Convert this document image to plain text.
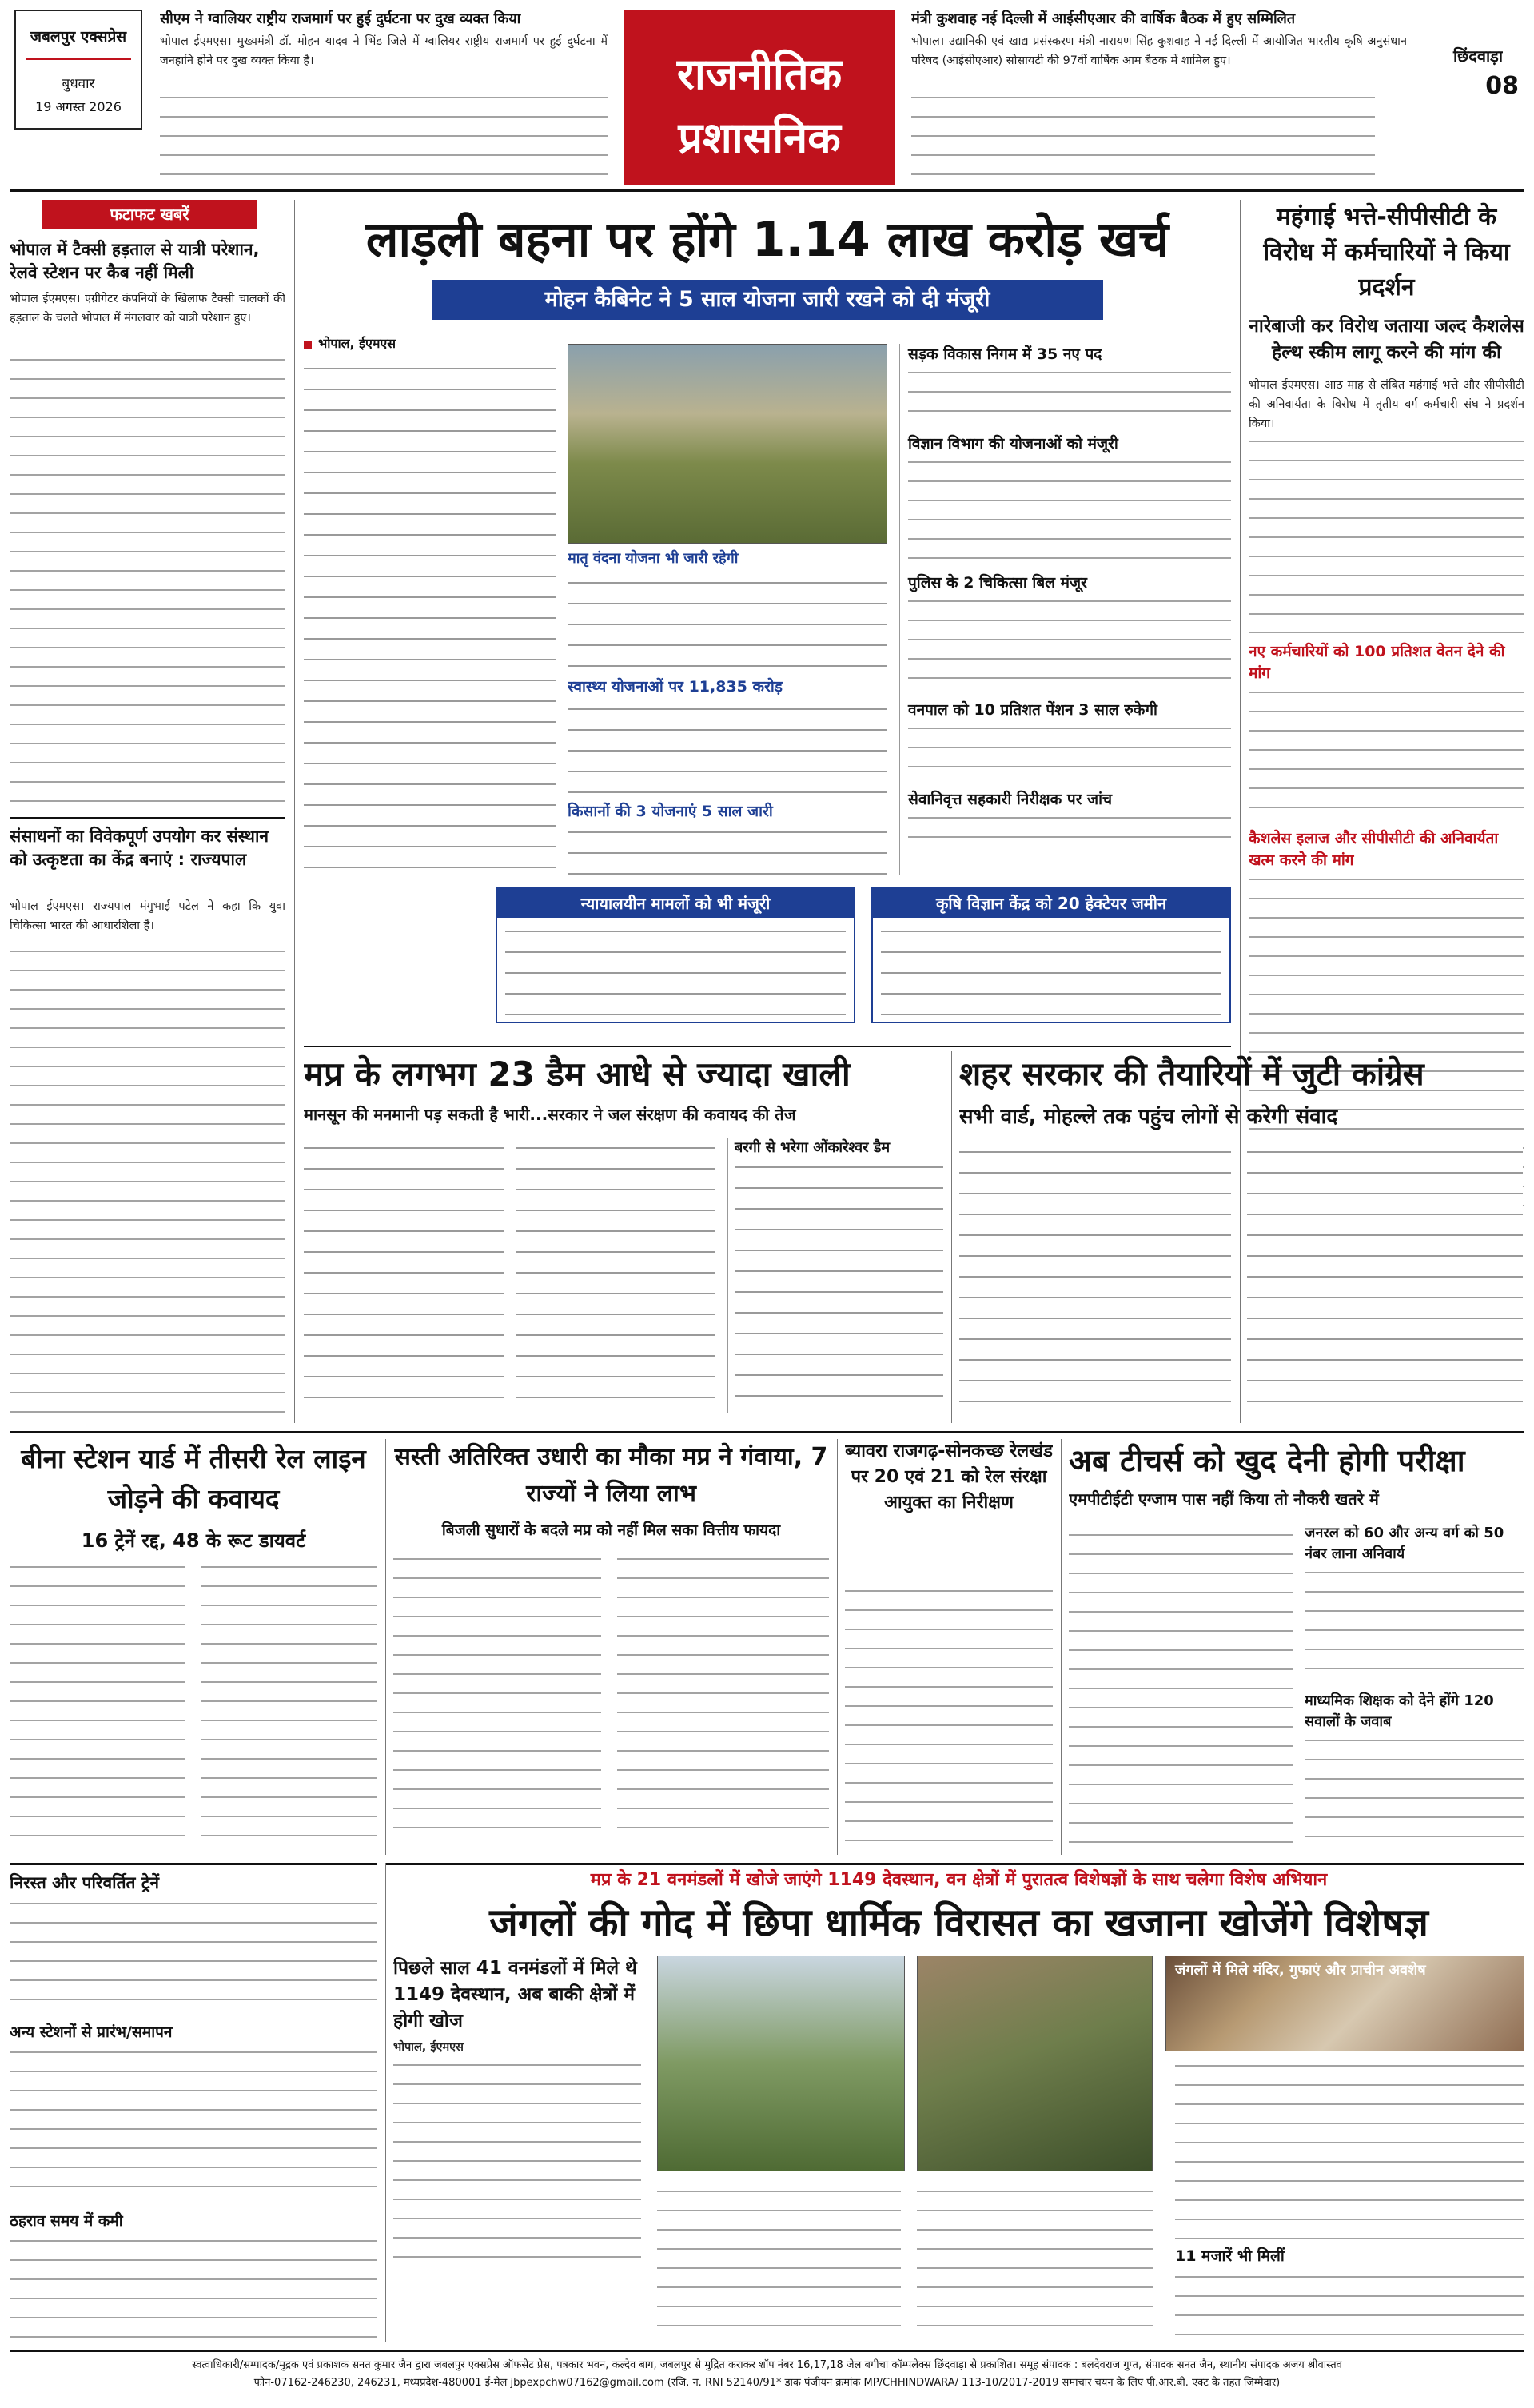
जबलपुर एक्सप्रेस
बुधवार
19 अगस्त 2026
सीएम ने ग्वालियर राष्ट्रीय राजमार्ग पर हुई दुर्घटना पर दुख व्यक्त किया
भोपाल ईएमएस। मुख्यमंत्री डॉ. मोहन यादव ने भिंड जिले में ग्वालियर राष्ट्रीय राजमार्ग पर हुई दुर्घटना में जनहानि होने पर दुख व्यक्त किया है।	राजनीतिक
प्रशासनिक
मंत्री कुशवाह नई दिल्ली में आईसीएआर की वार्षिक बैठक में हुए सम्मिलित
भोपाल। उद्यानिकी एवं खाद्य प्रसंस्करण मंत्री नारायण सिंह कुशवाह ने नई दिल्ली में आयोजित भारतीय कृषि अनुसंधान परिषद (आईसीएआर) सोसायटी की 97वीं वार्षिक आम बैठक में शामिल हुए।	छिंदवाड़ा
08
फटाफट खबरें
भोपाल में टैक्सी हड़ताल से यात्री परेशान, रेलवे स्टेशन पर कैब नहीं मिली
भोपाल ईएमएस। एग्रीगेटर कंपनियों के खिलाफ टैक्सी चालकों की हड़ताल के चलते भोपाल में मंगलवार को यात्री परेशान हुए।
संसाधनों का विवेकपूर्ण उपयोग कर संस्थान को उत्कृष्टता का केंद्र बनाएं : राज्यपाल
भोपाल ईएमएस। राज्यपाल मंगुभाई पटेल ने कहा कि युवा चिकित्सा भारत की आधारशिला हैं।
लाड़ली बहना पर होंगे 1.14 लाख करोड़ खर्च
मोहन कैबिनेट ने 5 साल योजना जारी रखने को दी मंजूरी
भोपाल, ईएमएस
मातृ वंदना योजना भी जारी रहेगी
स्वास्थ्य योजनाओं पर 11,835 करोड़
किसानों की 3 योजनाएं 5 साल जारी
सड़क विकास निगम में 35 नए पद
विज्ञान विभाग की योजनाओं को मंजूरी
पुलिस के 2 चिकित्सा बिल मंजूर
वनपाल को 10 प्रतिशत पेंशन 3 साल रुकेगी
सेवानिवृत्त सहकारी निरीक्षक पर जांच
न्यायालयीन मामलों को भी मंजूरी	कृषि विज्ञान केंद्र को 20 हेक्टेयर जमीन
महंगाई भत्ते-सीपीसीटी के विरोध में कर्मचारियों ने किया प्रदर्शन
नारेबाजी कर विरोध जताया जल्द कैशलेस हेल्थ स्कीम लागू करने की मांग की
भोपाल ईएमएस। आठ माह से लंबित महंगाई भत्ते और सीपीसीटी की अनिवार्यता के विरोध में तृतीय वर्ग कर्मचारी संघ ने प्रदर्शन किया।
नए कर्मचारियों को 100 प्रतिशत वेतन देने की मांग
कैशलेस इलाज और सीपीसीटी की अनिवार्यता खत्म करने की मांग
मप्र के लगभग 23 डैम आधे से ज्यादा खाली
मानसून की मनमानी पड़ सकती है भारी...सरकार ने जल संरक्षण की कवायद की तेज
बरगी से भरेगा ओंकारेश्वर डैम
शहर सरकार की तैयारियों में जुटी कांग्रेस
सभी वार्ड, मोहल्ले तक पहुंच लोगों से करेगी संवाद
बीना स्टेशन यार्ड में तीसरी रेल लाइन जोड़ने की कवायद
16 ट्रेनें रद्द, 48 के रूट डायवर्ट
सस्ती अतिरिक्त उधारी का मौका मप्र ने गंवाया, 7 राज्यों ने लिया लाभ
बिजली सुधारों के बदले मप्र को नहीं मिल सका वित्तीय फायदा
ब्यावरा राजगढ़-सोनकच्छ रेलखंड पर 20 एवं 21 को रेल संरक्षा आयुक्त का निरीक्षण
अब टीचर्स को खुद देनी होगी परीक्षा
एमपीटीईटी एग्जाम पास नहीं किया तो नौकरी खतरे में
जनरल को 60 और अन्य वर्ग को 50 नंबर लाना अनिवार्य
माध्यमिक शिक्षक को देने होंगे 120 सवालों के जवाब
निरस्त और परिवर्तित ट्रेनें
अन्य स्टेशनों से प्रारंभ/समापन
ठहराव समय में कमी
मप्र के 21 वनमंडलों में खोजे जाएंगे 1149 देवस्थान, वन क्षेत्रों में पुरातत्व विशेषज्ञों के साथ चलेगा विशेष अभियान
जंगलों की गोद में छिपा धार्मिक विरासत का खजाना खोजेंगे विशेषज्ञ
पिछले साल 41 वनमंडलों में मिले थे 1149 देवस्थान, अब बाकी क्षेत्रों में होगी खोज
भोपाल, ईएमएस
जंगलों में मिले मंदिर, गुफाएं और प्राचीन अवशेष
11 मजारें भी मिलीं
स्वत्वाधिकारी/सम्पादक/मुद्रक एवं प्रकाशक सनत कुमार जैन द्वारा जबलपुर एक्सप्रेस ऑफसेट प्रेस, पत्रकार भवन, कल्देव बाग, जबलपुर से मुद्रित कराकर शॉप नंबर 16,17,18 जेल बगीचा कॉम्पलेक्स छिंदवाड़ा से प्रकाशित। समूह संपादक : बलदेवराज गुप्त, संपादक सनत जैन, स्थानीय संपादक अजय श्रीवास्तव
फोन-07162-246230, 246231, मध्यप्रदेश-480001 ई-मेल jbpexpchw07162@gmail.com (रजि. न. RNI 52140/91* डाक पंजीयन क्रमांक MP/CHHINDWARA/ 113-10/2017-2019 समाचार चयन के लिए पी.आर.बी. एक्ट के तहत जिम्मेदार)
